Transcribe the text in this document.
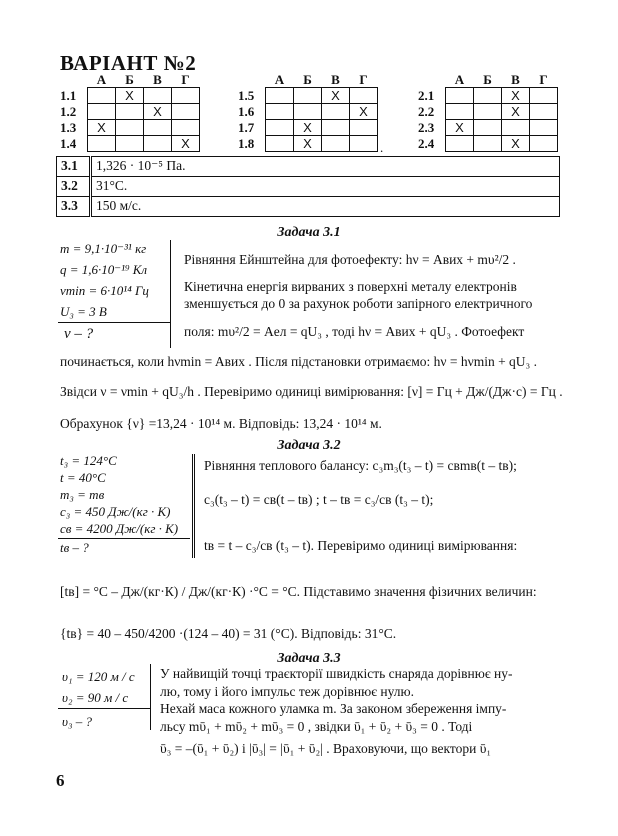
ВАРІАНТ №2
	А	Б	В	Г
1.1		X		
1.2			X	
1.3	X			
1.4				X
	А	Б	В	Г
1.5			X	
1.6				X
1.7		X		
1.8		X		
	А	Б	В	Г
2.1			X	
2.2			X	
2.3	X			
2.4			X	
.
3.1	1,326 · 10⁻⁵ Па.
3.2	31°С.
3.3	150 м/с.
Задача 3.1
m = 9,1·10⁻³¹ кг
q = 1,6·10⁻¹⁹ Кл
νmin = 6·10¹⁴ Гц
U₃ = 3 В
ν – ?
Рівняння Ейнштейна для фотоефекту: hν = Aвих + mυ²/2 .
Кінетична енергія вирваних з поверхні металу електронів
зменшується до 0 за рахунок роботи запірного електричного
поля: mυ²/2 = Aел = qU₃ , тоді hν = Aвих + qU₃ . Фотоефект
починається, коли hνmin = Aвих . Після підстановки отримаємо: hν = hνmin + qU₃ .
Звідси ν = νmin + qU₃/h . Перевіримо одиниці вимірювання: [ν] = Гц + Дж/(Дж·с) = Гц .
Обрахунок {ν} =13,24 · 10¹⁴ м. Відповідь: 13,24 · 10¹⁴ м.
Задача 3.2
t₃ = 124°С
t = 40°С
m₃ = mв
c₃ = 450 Дж/(кг · К)
cв = 4200 Дж/(кг · К)
tв – ?
Рівняння теплового балансу: c₃m₃(t₃ – t) = cвmв(t – tв);
c₃(t₃ – t) = cв(t – tв) ; t – tв = c₃/cв (t₃ – t);
tв = t – c₃/cв (t₃ – t). Перевіримо одиниці вимірювання:
[tв] = °С – Дж/(кг·К) / Дж/(кг·К) ·°С = °С. Підставимо значення фізичних величин:
{tв} = 40 – 450/4200 ·(124 – 40) = 31 (°С). Відповідь: 31°С.
Задача 3.3
υ₁ = 120 м / с
υ₂ = 90 м / с
υ₃ – ?
У найвищій точці траєкторії швидкість снаряда дорівнює ну-
лю, тому і його імпульс теж дорівнює нулю.
Нехай маса кожного уламка m. За законом збереження імпу-
льсу mῡ₁ + mῡ₂ + mῡ₃ = 0 , звідки ῡ₁ + ῡ₂ + ῡ₃ = 0 . Тоді
ῡ₃ = –(ῡ₁ + ῡ₂) і |ῡ₃| = |ῡ₁ + ῡ₂| . Враховуючи, що вектори ῡ₁
6
